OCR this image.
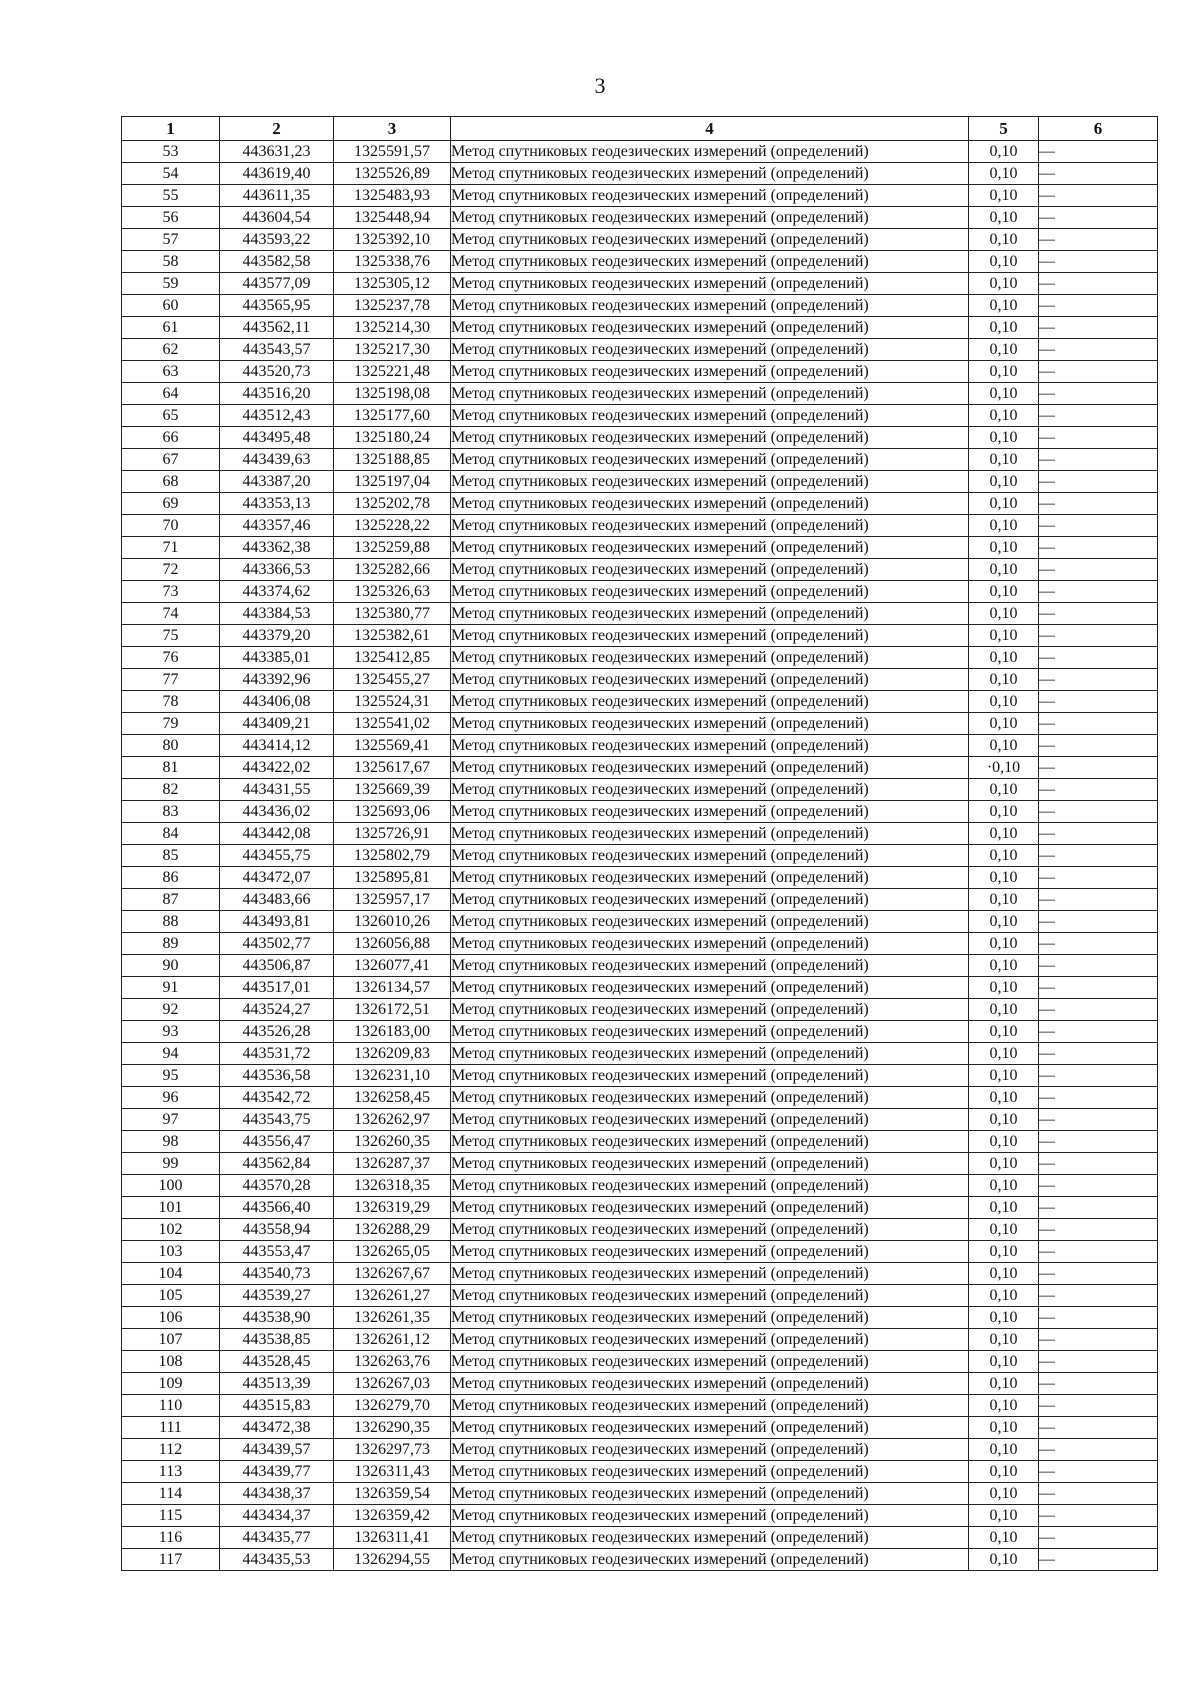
3
1	2	3	4	5	6
53	443631,23	1325591,57	Метод спутниковых геодезических измерений (определений)	0,10	—
54	443619,40	1325526,89	Метод спутниковых геодезических измерений (определений)	0,10	—
55	443611,35	1325483,93	Метод спутниковых геодезических измерений (определений)	0,10	—
56	443604,54	1325448,94	Метод спутниковых геодезических измерений (определений)	0,10	—
57	443593,22	1325392,10	Метод спутниковых геодезических измерений (определений)	0,10	—
58	443582,58	1325338,76	Метод спутниковых геодезических измерений (определений)	0,10	—
59	443577,09	1325305,12	Метод спутниковых геодезических измерений (определений)	0,10	—
60	443565,95	1325237,78	Метод спутниковых геодезических измерений (определений)	0,10	—
61	443562,11	1325214,30	Метод спутниковых геодезических измерений (определений)	0,10	—
62	443543,57	1325217,30	Метод спутниковых геодезических измерений (определений)	0,10	—
63	443520,73	1325221,48	Метод спутниковых геодезических измерений (определений)	0,10	—
64	443516,20	1325198,08	Метод спутниковых геодезических измерений (определений)	0,10	—
65	443512,43	1325177,60	Метод спутниковых геодезических измерений (определений)	0,10	—
66	443495,48	1325180,24	Метод спутниковых геодезических измерений (определений)	0,10	—
67	443439,63	1325188,85	Метод спутниковых геодезических измерений (определений)	0,10	—
68	443387,20	1325197,04	Метод спутниковых геодезических измерений (определений)	0,10	—
69	443353,13	1325202,78	Метод спутниковых геодезических измерений (определений)	0,10	—
70	443357,46	1325228,22	Метод спутниковых геодезических измерений (определений)	0,10	—
71	443362,38	1325259,88	Метод спутниковых геодезических измерений (определений)	0,10	—
72	443366,53	1325282,66	Метод спутниковых геодезических измерений (определений)	0,10	—
73	443374,62	1325326,63	Метод спутниковых геодезических измерений (определений)	0,10	—
74	443384,53	1325380,77	Метод спутниковых геодезических измерений (определений)	0,10	—
75	443379,20	1325382,61	Метод спутниковых геодезических измерений (определений)	0,10	—
76	443385,01	1325412,85	Метод спутниковых геодезических измерений (определений)	0,10	—
77	443392,96	1325455,27	Метод спутниковых геодезических измерений (определений)	0,10	—
78	443406,08	1325524,31	Метод спутниковых геодезических измерений (определений)	0,10	—
79	443409,21	1325541,02	Метод спутниковых геодезических измерений (определений)	0,10	—
80	443414,12	1325569,41	Метод спутниковых геодезических измерений (определений)	0,10	—
81	443422,02	1325617,67	Метод спутниковых геодезических измерений (определений)	·0,10	—
82	443431,55	1325669,39	Метод спутниковых геодезических измерений (определений)	0,10	—
83	443436,02	1325693,06	Метод спутниковых геодезических измерений (определений)	0,10	—
84	443442,08	1325726,91	Метод спутниковых геодезических измерений (определений)	0,10	—
85	443455,75	1325802,79	Метод спутниковых геодезических измерений (определений)	0,10	—
86	443472,07	1325895,81	Метод спутниковых геодезических измерений (определений)	0,10	—
87	443483,66	1325957,17	Метод спутниковых геодезических измерений (определений)	0,10	—
88	443493,81	1326010,26	Метод спутниковых геодезических измерений (определений)	0,10	—
89	443502,77	1326056,88	Метод спутниковых геодезических измерений (определений)	0,10	—
90	443506,87	1326077,41	Метод спутниковых геодезических измерений (определений)	0,10	—
91	443517,01	1326134,57	Метод спутниковых геодезических измерений (определений)	0,10	—
92	443524,27	1326172,51	Метод спутниковых геодезических измерений (определений)	0,10	—
93	443526,28	1326183,00	Метод спутниковых геодезических измерений (определений)	0,10	—
94	443531,72	1326209,83	Метод спутниковых геодезических измерений (определений)	0,10	—
95	443536,58	1326231,10	Метод спутниковых геодезических измерений (определений)	0,10	—
96	443542,72	1326258,45	Метод спутниковых геодезических измерений (определений)	0,10	—
97	443543,75	1326262,97	Метод спутниковых геодезических измерений (определений)	0,10	—
98	443556,47	1326260,35	Метод спутниковых геодезических измерений (определений)	0,10	—
99	443562,84	1326287,37	Метод спутниковых геодезических измерений (определений)	0,10	—
100	443570,28	1326318,35	Метод спутниковых геодезических измерений (определений)	0,10	—
101	443566,40	1326319,29	Метод спутниковых геодезических измерений (определений)	0,10	—
102	443558,94	1326288,29	Метод спутниковых геодезических измерений (определений)	0,10	—
103	443553,47	1326265,05	Метод спутниковых геодезических измерений (определений)	0,10	—
104	443540,73	1326267,67	Метод спутниковых геодезических измерений (определений)	0,10	—
105	443539,27	1326261,27	Метод спутниковых геодезических измерений (определений)	0,10	—
106	443538,90	1326261,35	Метод спутниковых геодезических измерений (определений)	0,10	—
107	443538,85	1326261,12	Метод спутниковых геодезических измерений (определений)	0,10	—
108	443528,45	1326263,76	Метод спутниковых геодезических измерений (определений)	0,10	—
109	443513,39	1326267,03	Метод спутниковых геодезических измерений (определений)	0,10	—
110	443515,83	1326279,70	Метод спутниковых геодезических измерений (определений)	0,10	—
111	443472,38	1326290,35	Метод спутниковых геодезических измерений (определений)	0,10	—
112	443439,57	1326297,73	Метод спутниковых геодезических измерений (определений)	0,10	—
113	443439,77	1326311,43	Метод спутниковых геодезических измерений (определений)	0,10	—
114	443438,37	1326359,54	Метод спутниковых геодезических измерений (определений)	0,10	—
115	443434,37	1326359,42	Метод спутниковых геодезических измерений (определений)	0,10	—
116	443435,77	1326311,41	Метод спутниковых геодезических измерений (определений)	0,10	—
117	443435,53	1326294,55	Метод спутниковых геодезических измерений (определений)	0,10	—
